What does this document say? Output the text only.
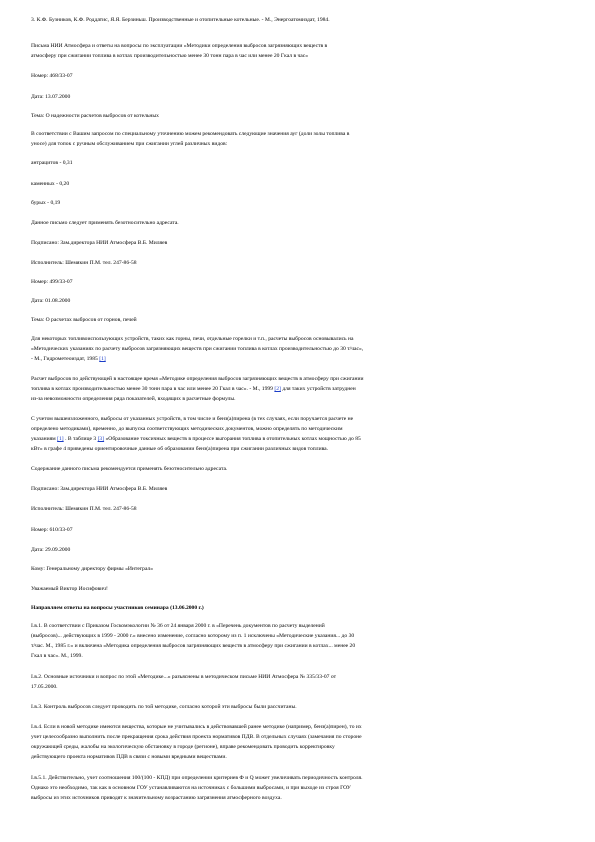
3. К.Ф. Бузников, К.Ф. Роддатис, Я.Я. Берзиньш. Производственные и отопительные котельные. - М., Энергоатомиздат, 1984.
Письма НИИ Атмосфера и ответы на вопросы по эксплуатации «Методики определения выбросов загрязняющих веществ в
атмосферу при сжигании топлива в котлах производительностью менее 30 тонн пара в час или менее 20 Гкал в час»
Номер: 468/33-07
Дата: 13.07.2000
Тема: О надежности расчетов выбросов от котельных
В соответствии с Вашим запросом по специальному уточнению можем рекомендовать следующие значения ауг (доли золы топлива в
уносе) для топок с ручным обслуживанием при сжигании углей различных видов:
антрацитов - 0,31
каменных - 0,20
бурых - 0,19
Данное письмо следует применять безотносительно адресата.
Подписано: Зам.директора НИИ Атмосфера В.Б. Миляев
Исполнитель: Шемякин П.М. тел. 247-86-58
Номер: 499/33-07
Дата: 01.08.2000
Тема: О расчетах выбросов от горнов, печей
Для некоторых топливоиспользующих устройств, таких как горны, печи, отдельные горелки и т.п., расчеты выбросов основывались на
«Методических указаниях по расчету выбросов загрязняющих веществ при сжигании топлива в котлах производительностью до 30 т/час»,
- М., Гидрометеоиздат, 1985 [1]
Расчет выбросов по действующей в настоящее время «Методике определения выбросов загрязняющих веществ в атмосферу при сжигании
топлива в котлах производительностью менее 30 тонн пара в час или менее 20 Гкал в час». - М., 1999 [2] для таких устройств затруднен
из-за невозможности определения ряда показателей, входящих в расчетные формулы.
С учетом вышеизложенного, выбросы от указанных устройств, в том числе и бенз(а)пирена (в тех случаях, если поручается расчете не
определено методиками), временно, до выпуска соответствующих методических документов, можно определять по методическим
указаниям [1] . В таблице 3 [3] «Образование токсичных веществ в процессе выгорания топлива в отопительных котлах мощностью до 85
кВт» в графе 4 приведены ориентировочные данные об образовании бенз(а)пирена при сжигании различных видов топлива.
Содержание данного письма рекомендуется применять безотносительно адресата.
Подписано: Зам.директора НИИ Атмосфера В.Б. Миляев
Исполнитель: Шемякин П.М. тел. 247-86-58
Номер: 610/33-07
Дата: 29.09.2000
Кому: Генеральному директору фирмы «Интеграл»
Уважаемый Виктор Иосифович!
Направляем ответы на вопросы участников семинара (13.06.2000 г.)
I.в.1. В соответствии с Приказом Госкомэкологии № 36 от 24 января 2000 г. в «Перечень документов по расчету выделений
(выбросов)... действующих в 1999 - 2000 г.» внесено изменение, согласно которому из п. 1 исключены «Методические указания... до 30
т/час. М., 1985 г.» и включена «Методика определения выбросов загрязняющих веществ в атмосферу при сжигании в котлах... менее 20
Гкал в час». М., 1999.
I.в.2. Основные источники и вопрос по этой «Методике...» разъяснены в методическом письме НИИ Атмосфера № 335/33-07 от
17.05.2000.
I.в.3. Контроль выбросов следует проводить по той методике, согласно которой эти выбросы были рассчитаны.
I.в.4. Если в новой методике имеются вещества, которые не учитывались в действовавшей ранее методике (например, бенз(а)пирен), то их
учет целесообразно выполнить после прекращения срока действия проекта нормативов ПДВ. В отдельных случаях (замечания по стороне
окружающей среды, жалобы на экологическую обстановку в городе (регионе), вправе рекомендовать проводить корректировку
действующего проекта нормативов ПДВ в связи с новыми вредными веществами.
I.в.5.1. Действительно, учет соотношения 100/(100 - КПД) при определении критериев Ф и Q может увеличивать периодичность контроля.
Однако это необходимо, так как в основном ГОУ устанавливаются на источниках с большими выбросами, и при выходе из строя ГОУ
выбросы из этих источников приводят к значительному возрастанию загрязнения атмосферного воздуха.
